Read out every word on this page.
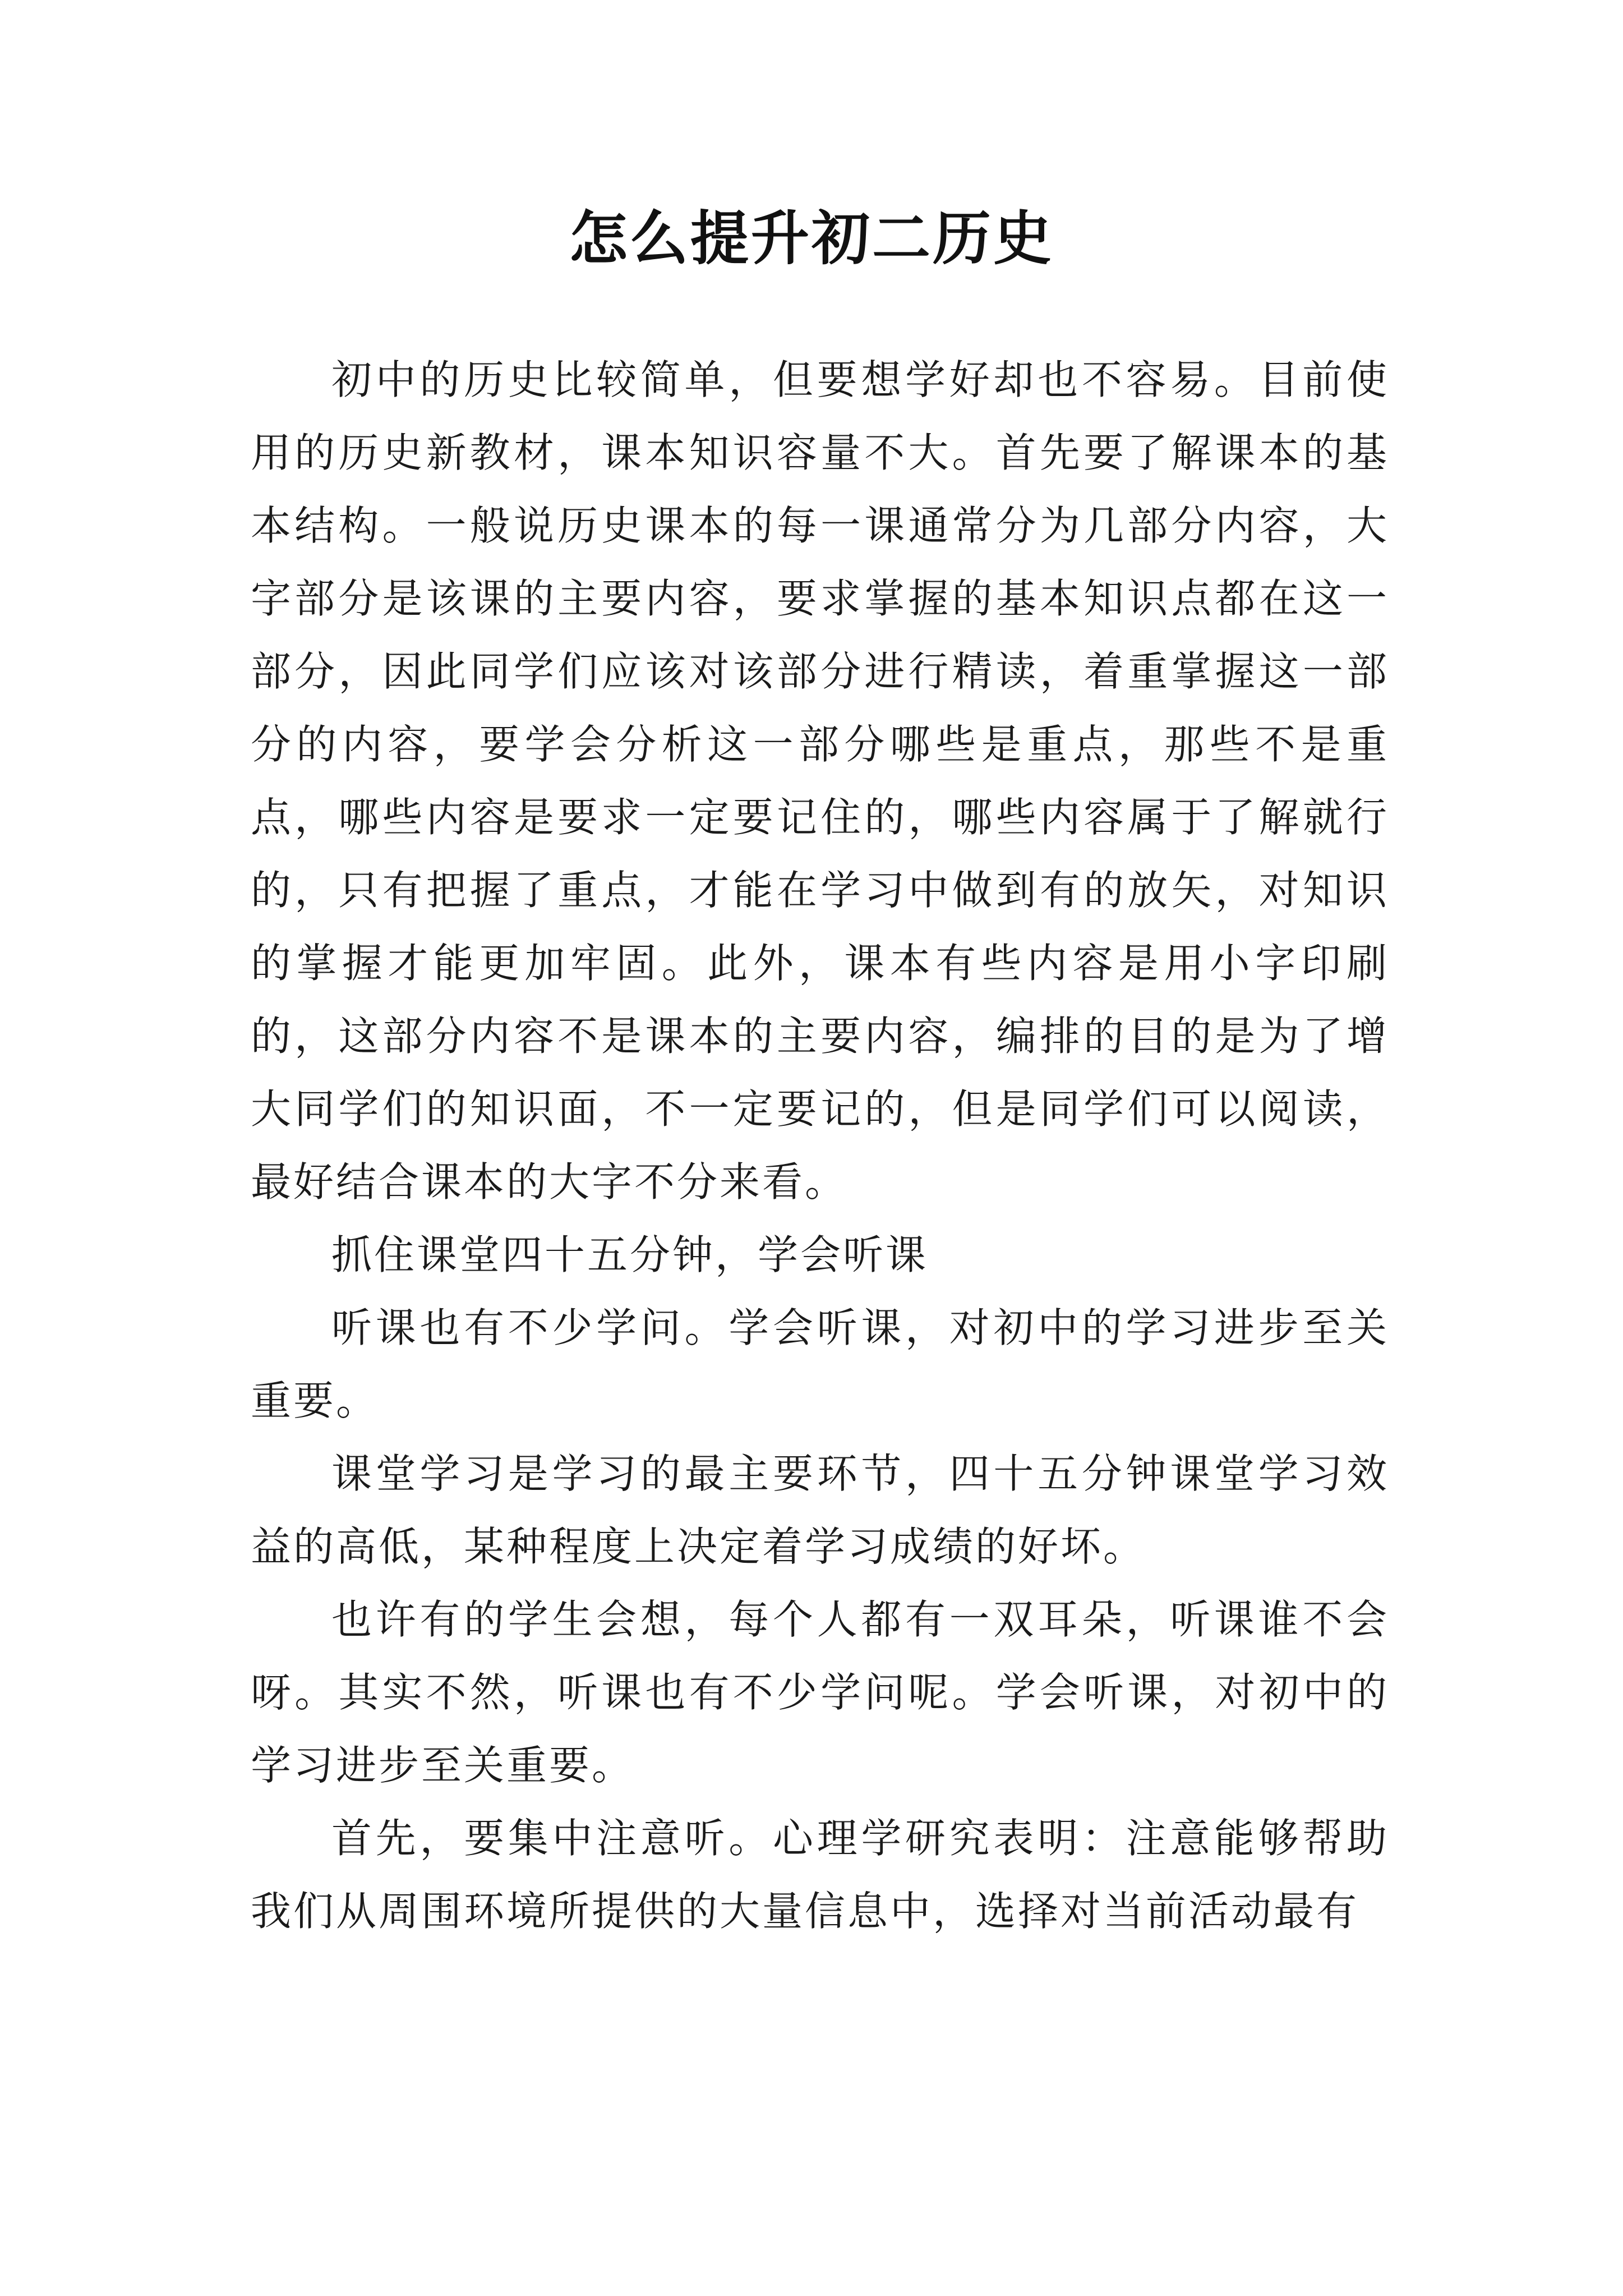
怎么提升初二历史

初中的历史比较简单，但要想学好却也不容易。目前使用的历史新教材，课本知识容量不大。首先要了解课本的基本结构。一般说历史课本的每一课通常分为几部分内容，大字部分是该课的主要内容，要求掌握的基本知识点都在这一部分，因此同学们应该对该部分进行精读，着重掌握这一部分的内容，要学会分析这一部分哪些是重点，那些不是重点，哪些内容是要求一定要记住的，哪些内容属于了解就行的，只有把握了重点，才能在学习中做到有的放矢，对知识的掌握才能更加牢固。此外，课本有些内容是用小字印刷的，这部分内容不是课本的主要内容，编排的目的是为了增大同学们的知识面，不一定要记的，但是同学们可以阅读，最好结合课本的大字不分来看。

抓住课堂四十五分钟，学会听课

听课也有不少学问。学会听课，对初中的学习进步至关重要。

课堂学习是学习的最主要环节，四十五分钟课堂学习效益的高低，某种程度上决定着学习成绩的好坏。

也许有的学生会想，每个人都有一双耳朵，听课谁不会呀。其实不然，听课也有不少学问呢。学会听课，对初中的学习进步至关重要。

首先，要集中注意听。心理学研究表明：注意能够帮助我们从周围环境所提供的大量信息中，选择对当前活动最有
